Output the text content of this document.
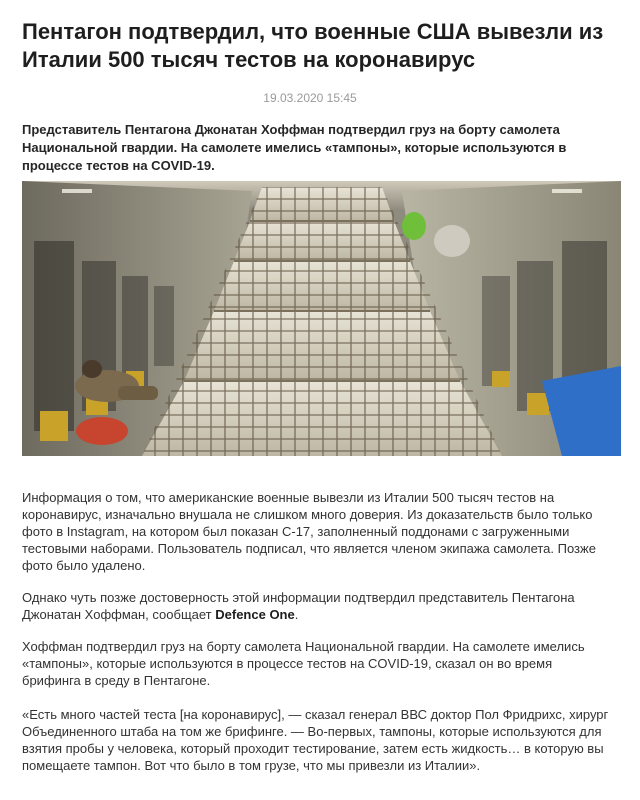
Пентагон подтвердил, что военные США вывезли из Италии 500 тысяч тестов на коронавирус
19.03.2020 15:45

Представитель Пентагона Джонатан Хоффман подтвердил груз на борту самолета Национальной гвардии. На самолете имелись «тампоны», которые используются в процессе тестов на COVID-19.

Информация о том, что американские военные вывезли из Италии 500 тысяч тестов на коронавирус, изначально внушала не слишком много доверия. Из доказательств было только фото в Instagram, на котором был показан C-17, заполненный поддонами с загруженными тестовыми наборами. Пользователь подписал, что является членом экипажа самолета. Позже фото было удалено.

Однако чуть позже достоверность этой информации подтвердил представитель Пентагона Джонатан Хоффман, сообщает Defence One.

Хоффман подтвердил груз на борту самолета Национальной гвардии. На самолете имелись «тампоны», которые используются в процессе тестов на COVID-19, сказал он во время брифинга в среду в Пентагоне.

«Есть много частей теста [на коронавирус], — сказал генерал ВВС доктор Пол Фридрихс, хирург Объединенного штаба на том же брифинге. — Во-первых, тампоны, которые используются для взятия пробы у человека, который проходит тестирование, затем есть жидкость… в которую вы помещаете тампон. Вот что было в том грузе, что мы привезли из Италии».
